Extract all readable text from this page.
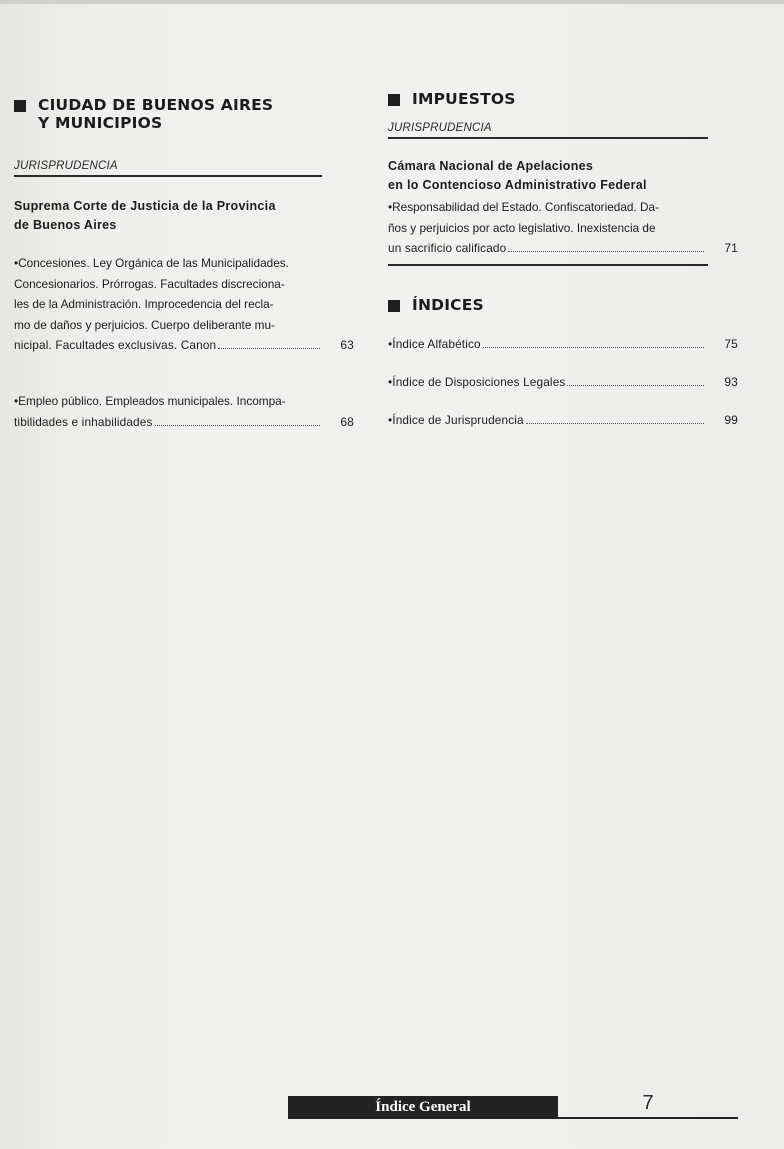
CIUDAD DE BUENOS AIRES
Y MUNICIPIOS
JURISPRUDENCIA
Suprema Corte de Justicia de la Provincia
de Buenos Aires
•Concesiones. Ley Orgánica de las Municipalidades.
Concesionarios. Prórrogas. Facultades discreciona-
les de la Administración. Improcedencia del recla-
mo de daños y perjuicios. Cuerpo deliberante mu-
nicipal. Facultades exclusivas. Canon	63
•Empleo público. Empleados municipales. Incompa-
tibilidades e inhabilidades	68
IMPUESTOS
JURISPRUDENCIA
Cámara Nacional de Apelaciones
en lo Contencioso Administrativo Federal
•Responsabilidad del Estado. Confiscatoriedad. Da-
ños y perjuicios por acto legislativo. Inexistencia de
un sacrificio calificado	71
ÍNDICES
•Índice Alfabético	75
•Índice de Disposiciones Legales	93
•Índice de Jurisprudencia	99
Índice General	7
